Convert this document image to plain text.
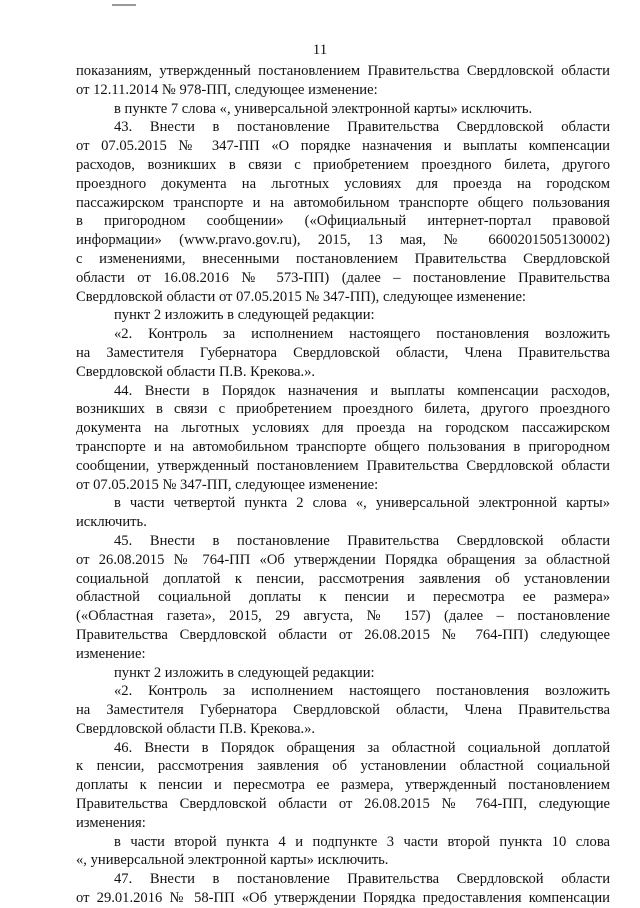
11
показаниям, утвержденный постановлением Правительства Свердловской области
от 12.11.2014 № 978-ПП, следующее изменение:
в пункте 7 слова «, универсальной электронной карты» исключить.
43. Внести в постановление Правительства Свердловской области
от 07.05.2015 № 347-ПП «О порядке назначения и выплаты компенсации
расходов, возникших в связи с приобретением проездного билета, другого
проездного документа на льготных условиях для проезда на городском
пассажирском транспорте и на автомобильном транспорте общего пользования
в пригородном сообщении» («Официальный интернет-портал правовой
информации» (www.pravo.gov.ru), 2015, 13 мая, № 6600201505130002)
с изменениями, внесенными постановлением Правительства Свердловской
области от 16.08.2016 № 573-ПП) (далее – постановление Правительства
Свердловской области от 07.05.2015 № 347-ПП), следующее изменение:
пункт 2 изложить в следующей редакции:
«2. Контроль за исполнением настоящего постановления возложить
на Заместителя Губернатора Свердловской области, Члена Правительства
Свердловской области П.В. Крекова.».
44. Внести в Порядок назначения и выплаты компенсации расходов,
возникших в связи с приобретением проездного билета, другого проездного
документа на льготных условиях для проезда на городском пассажирском
транспорте и на автомобильном транспорте общего пользования в пригородном
сообщении, утвержденный постановлением Правительства Свердловской области
от 07.05.2015 № 347-ПП, следующее изменение:
в части четвертой пункта 2 слова «, универсальной электронной карты»
исключить.
45. Внести в постановление Правительства Свердловской области
от 26.08.2015 № 764-ПП «Об утверждении Порядка обращения за областной
социальной доплатой к пенсии, рассмотрения заявления об установлении
областной социальной доплаты к пенсии и пересмотра ее размера»
(«Областная газета», 2015, 29 августа, № 157) (далее – постановление
Правительства Свердловской области от 26.08.2015 № 764-ПП) следующее
изменение:
пункт 2 изложить в следующей редакции:
«2. Контроль за исполнением настоящего постановления возложить
на Заместителя Губернатора Свердловской области, Члена Правительства
Свердловской области П.В. Крекова.».
46. Внести в Порядок обращения за областной социальной доплатой
к пенсии, рассмотрения заявления об установлении областной социальной
доплаты к пенсии и пересмотра ее размера, утвержденный постановлением
Правительства Свердловской области от 26.08.2015 № 764-ПП, следующие
изменения:
в части второй пункта 4 и подпункте 3 части второй пункта 10 слова
«, универсальной электронной карты» исключить.
47. Внести в постановление Правительства Свердловской области
от 29.01.2016 № 58-ПП «Об утверждении Порядка предоставления компенсации
